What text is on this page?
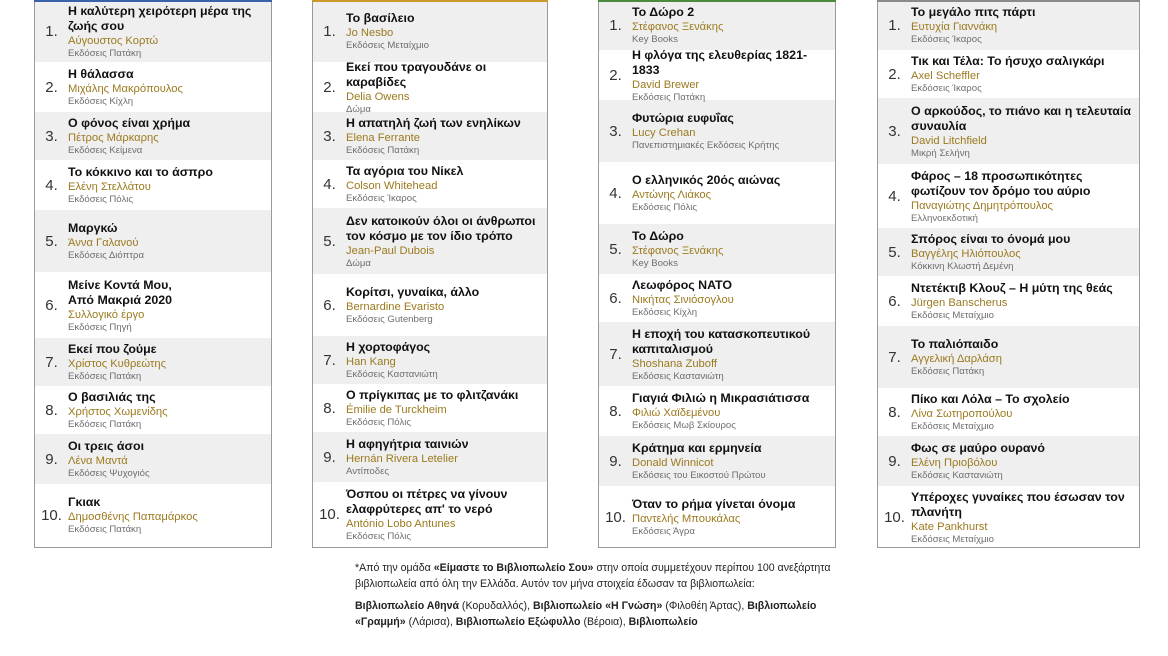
1.
Η καλύτερη χειρότερη μέρα της ζωής σου
Αύγουστος Κορτώ
Εκδόσεις Πατάκη
2.
Η θάλασσα
Μιχάλης Μακρόπουλος
Εκδόσεις Κίχλη
3.
Ο φόνος είναι χρήμα
Πέτρος Μάρκαρης
Εκδόσεις Κείμενα
4.
Το κόκκινο και το άσπρο
Ελένη Στελλάτου
Εκδόσεις Πόλις
5.
Μαργκώ
Άννα Γαλανού
Εκδόσεις Διόπτρα
6.
Μείνε Κοντά Μου, Από Μακριά 2020
Συλλογικό έργο
Εκδόσεις Πηγή
7.
Εκεί που ζούμε
Χρίστος Κυθρεώτης
Εκδόσεις Πατάκη
8.
Ο βασιλιάς της
Χρήστος Χωμενίδης
Εκδόσεις Πατάκη
9.
Οι τρεις άσοι
Λένα Μαντά
Εκδόσεις Ψυχογιός
10.
Γκιακ
Δημοσθένης Παπαμάρκος
Εκδόσεις Πατάκη
1.
Το βασίλειο
Jo Nesbo
Εκδόσεις Μεταίχμιο
2.
Εκεί που τραγουδάνε οι καραβίδες
Delia Owens
Δώμα
3.
Η απατηλή ζωή των ενηλίκων
Elena Ferrante
Εκδόσεις Πατάκη
4.
Τα αγόρια του Νίκελ
Colson Whitehead
Εκδόσεις Ίκαρος
5.
Δεν κατοικούν όλοι οι άνθρωποι τον κόσμο με τον ίδιο τρόπο
Jean-Paul Dubois
Δώμα
6.
Κορίτσι, γυναίκα, άλλο
Bernardine Evaristo
Εκδόσεις Gutenberg
7.
Η χορτοφάγος
Han Kang
Εκδόσεις Καστανιώτη
8.
Ο πρίγκιπας με το φλιτζανάκι
Émilie de Turckheim
Εκδόσεις Πόλις
9.
Η αφηγήτρια ταινιών
Hernán Rivera Letelier
Αντίποδες
10.
Όσπου οι πέτρες να γίνουν ελαφρύτερες απ' το νερό
António Lobo Antunes
Εκδόσεις Πόλις
1.
Το Δώρο 2
Στέφανος Ξενάκης
Key Books
2.
Η φλόγα της ελευθερίας 1821-1833
David Brewer
Εκδόσεις Πατάκη
3.
Φυτώρια ευφυΐας
Lucy Crehan
Πανεπιστημιακές Εκδόσεις Κρήτης
4.
Ο ελληνικός 20ός αιώνας
Αντώνης Λιάκος
Εκδόσεις Πόλις
5.
Το Δώρο
Στέφανος Ξενάκης
Key Books
6.
Λεωφόρος ΝΑΤΟ
Νικήτας Σινιόσογλου
Εκδόσεις Κίχλη
7.
Η εποχή του κατασκοπευτικού καπιταλισμού
Shoshana Zuboff
Εκδόσεις Καστανιώτη
8.
Γιαγιά Φιλιώ η Μικρασιάτισσα
Φιλιώ Χαϊδεμένου
Εκδόσεις Μωβ Σκίουρος
9.
Κράτημα και ερμηνεία
Donald Winnicot
Εκδόσεις του Εικοστού Πρώτου
10.
Όταν το ρήμα γίνεται όνομα
Παντελής Μπουκάλας
Εκδόσεις Άγρα
1.
Το μεγάλο πιτς πάρτι
Ευτυχία Γιαννάκη
Εκδόσεις Ίκαρος
2.
Τικ και Τέλα: Το ήσυχο σαλιγκάρι
Axel Scheffler
Εκδόσεις Ίκαρος
3.
Ο αρκούδος, το πιάνο και η τελευταία συναυλία
David Litchfield
Μικρή Σελήνη
4.
Φάρος – 18 προσωπικότητες φωτίζουν τον δρόμο του αύριο
Παναγιώτης Δημητρόπουλος
Ελληνοεκδοτική
5.
Σπόρος είναι το όνομά μου
Βαγγέλης Ηλιόπουλος
Κόκκινη Κλωστή Δεμένη
6.
Ντετέκτιβ Κλουζ – Η μύτη της θεάς
Jürgen Banscherus
Εκδόσεις Μεταίχμιο
7.
Το παλιόπαιδο
Αγγελική Δαρλάση
Εκδόσεις Πατάκη
8.
Πίκο και Λόλα – Το σχολείο
Λίνα Σωτηροπούλου
Εκδόσεις Μεταίχμιο
9.
Φως σε μαύρο ουρανό
Ελένη Πριοβόλου
Εκδόσεις Καστανιώτη
10.
Υπέροχες γυναίκες που έσωσαν τον πλανήτη
Kate Pankhurst
Εκδόσεις Μεταίχμιο

*Από την ομάδα «Είμαστε το Βιβλιοπωλείο Σου» στην οποία συμμετέχουν περίπου 100 ανεξάρτητα βιβλιοπωλεία από όλη την Ελλάδα. Αυτόν τον μήνα στοιχεία έδωσαν τα βιβλιοπωλεία:

Βιβλιοπωλείο Αθηνά (Κορυδαλλός), Βιβλιοπωλείο «Η Γνώση» (Φιλοθέη Άρτας), Βιβλιοπωλείο «Γραμμή» (Λάρισα), Βιβλιοπωλείο Εξώφυλλο (Βέροια), Βιβλιοπωλείο
